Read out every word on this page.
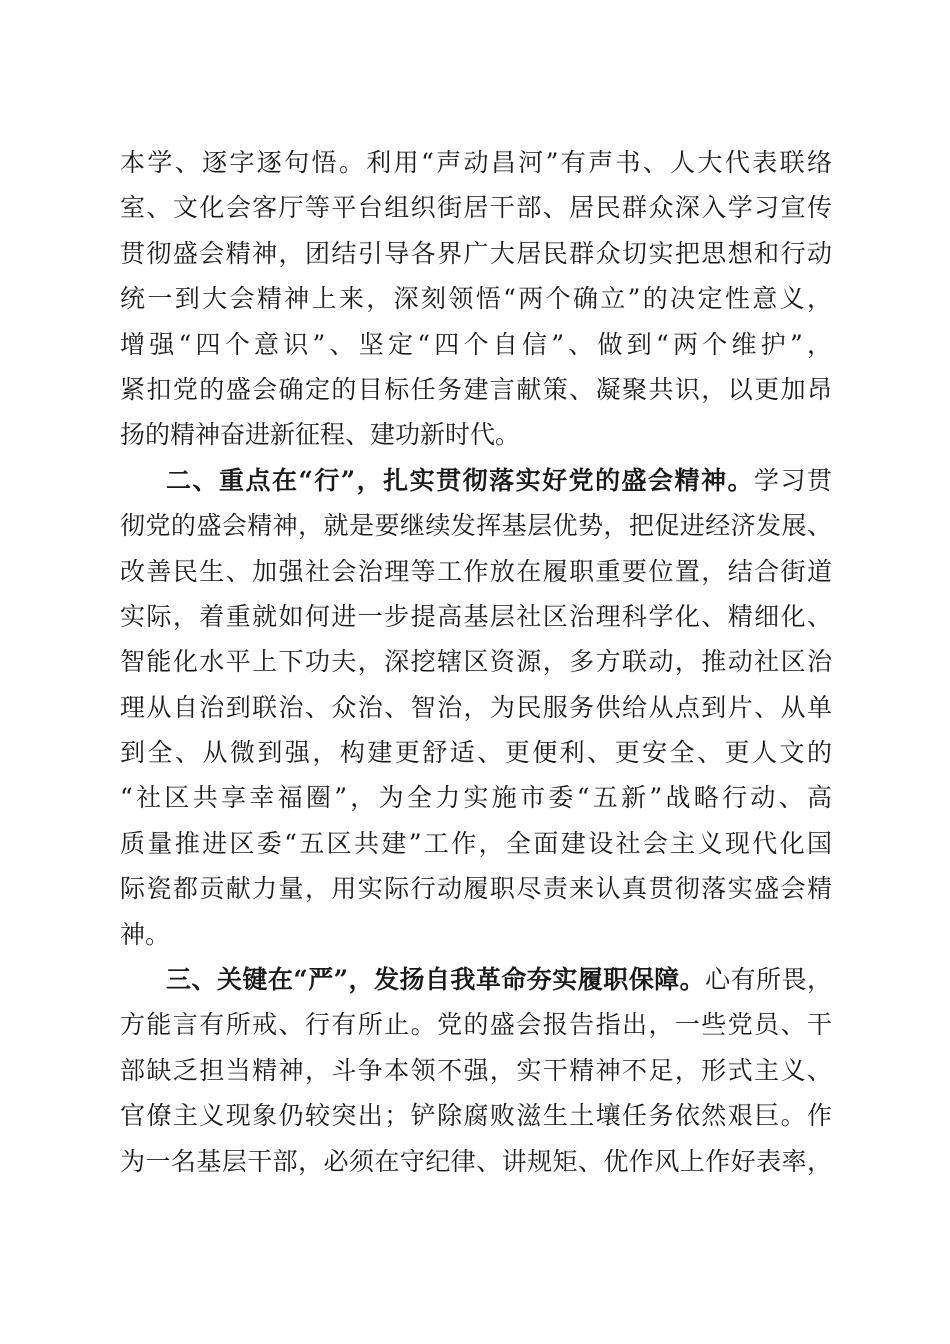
本学、逐字逐句悟。利用“声动昌河”有声书、人大代表联络
室、文化会客厅等平台组织街居干部、居民群众深入学习宣传
贯彻盛会精神，团结引导各界广大居民群众切实把思想和行动
统一到大会精神上来，深刻领悟“两个确立”的决定性意义，
增强“四个意识”、坚定“四个自信”、做到“两个维护”，
紧扣党的盛会确定的目标任务建言献策、凝聚共识，以更加昂
扬的精神奋进新征程、建功新时代。
二、重点在“行”，扎实贯彻落实好党的盛会精神。学习贯
彻党的盛会精神，就是要继续发挥基层优势，把促进经济发展、
改善民生、加强社会治理等工作放在履职重要位置，结合街道
实际，着重就如何进一步提高基层社区治理科学化、精细化、
智能化水平上下功夫，深挖辖区资源，多方联动，推动社区治
理从自治到联治、众治、智治，为民服务供给从点到片、从单
到全、从微到强，构建更舒适、更便利、更安全、更人文的
“社区共享幸福圈”，为全力实施市委“五新”战略行动、高
质量推进区委“五区共建”工作，全面建设社会主义现代化国
际瓷都贡献力量，用实际行动履职尽责来认真贯彻落实盛会精
神。
三、关键在“严”，发扬自我革命夯实履职保障。心有所畏，
方能言有所戒、行有所止。党的盛会报告指出，一些党员、干
部缺乏担当精神，斗争本领不强，实干精神不足，形式主义、
官僚主义现象仍较突出；铲除腐败滋生土壤任务依然艰巨。作
为一名基层干部，必须在守纪律、讲规矩、优作风上作好表率，
